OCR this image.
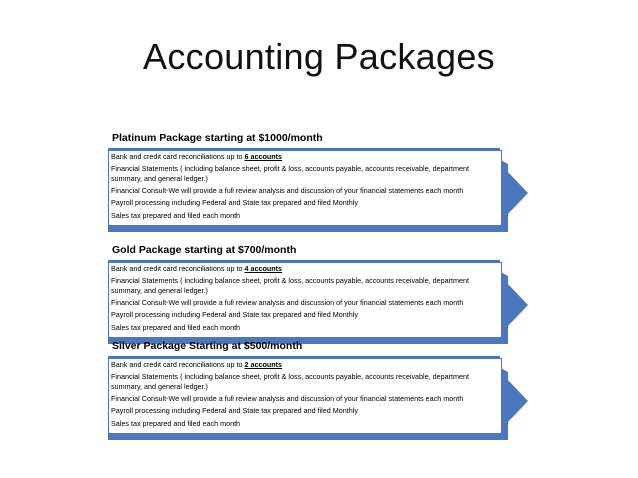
Accounting Packages
Platinum Package starting at $1000/month
Bank and credit card reconciliations up to 6 accounts
Financial Statements ( including balance sheet, profit & loss, accounts payable, accounts receivable, department summary, and general ledger.)
Financial Consult-We will provide a full review analysis and discussion of your financial statements each month
Payroll processing including Federal and State tax prepared and filed Monthly
Sales tax prepared and filed each month
Gold Package starting at $700/month
Bank and credit card reconciliations up to 4 accounts
Financial Statements ( including balance sheet, profit & loss, accounts payable, accounts receivable, department summary, and general ledger.)
Financial Consult-We will provide a full review analysis and discussion of your financial statements each month
Payroll processing including Federal and State tax prepared and filed Monthly
Sales tax prepared and filed each month
Silver Package Starting at $500/month
Bank and credit card reconciliations up to 2 accounts
Financial Statements ( including balance sheet, profit & loss, accounts payable, accounts receivable, department summary, and general ledger.)
Financial Consult-We will provide a full review analysis and discussion of your financial statements each month
Payroll processing including Federal and State tax prepared and filed Monthly
Sales tax prepared and filed each month
